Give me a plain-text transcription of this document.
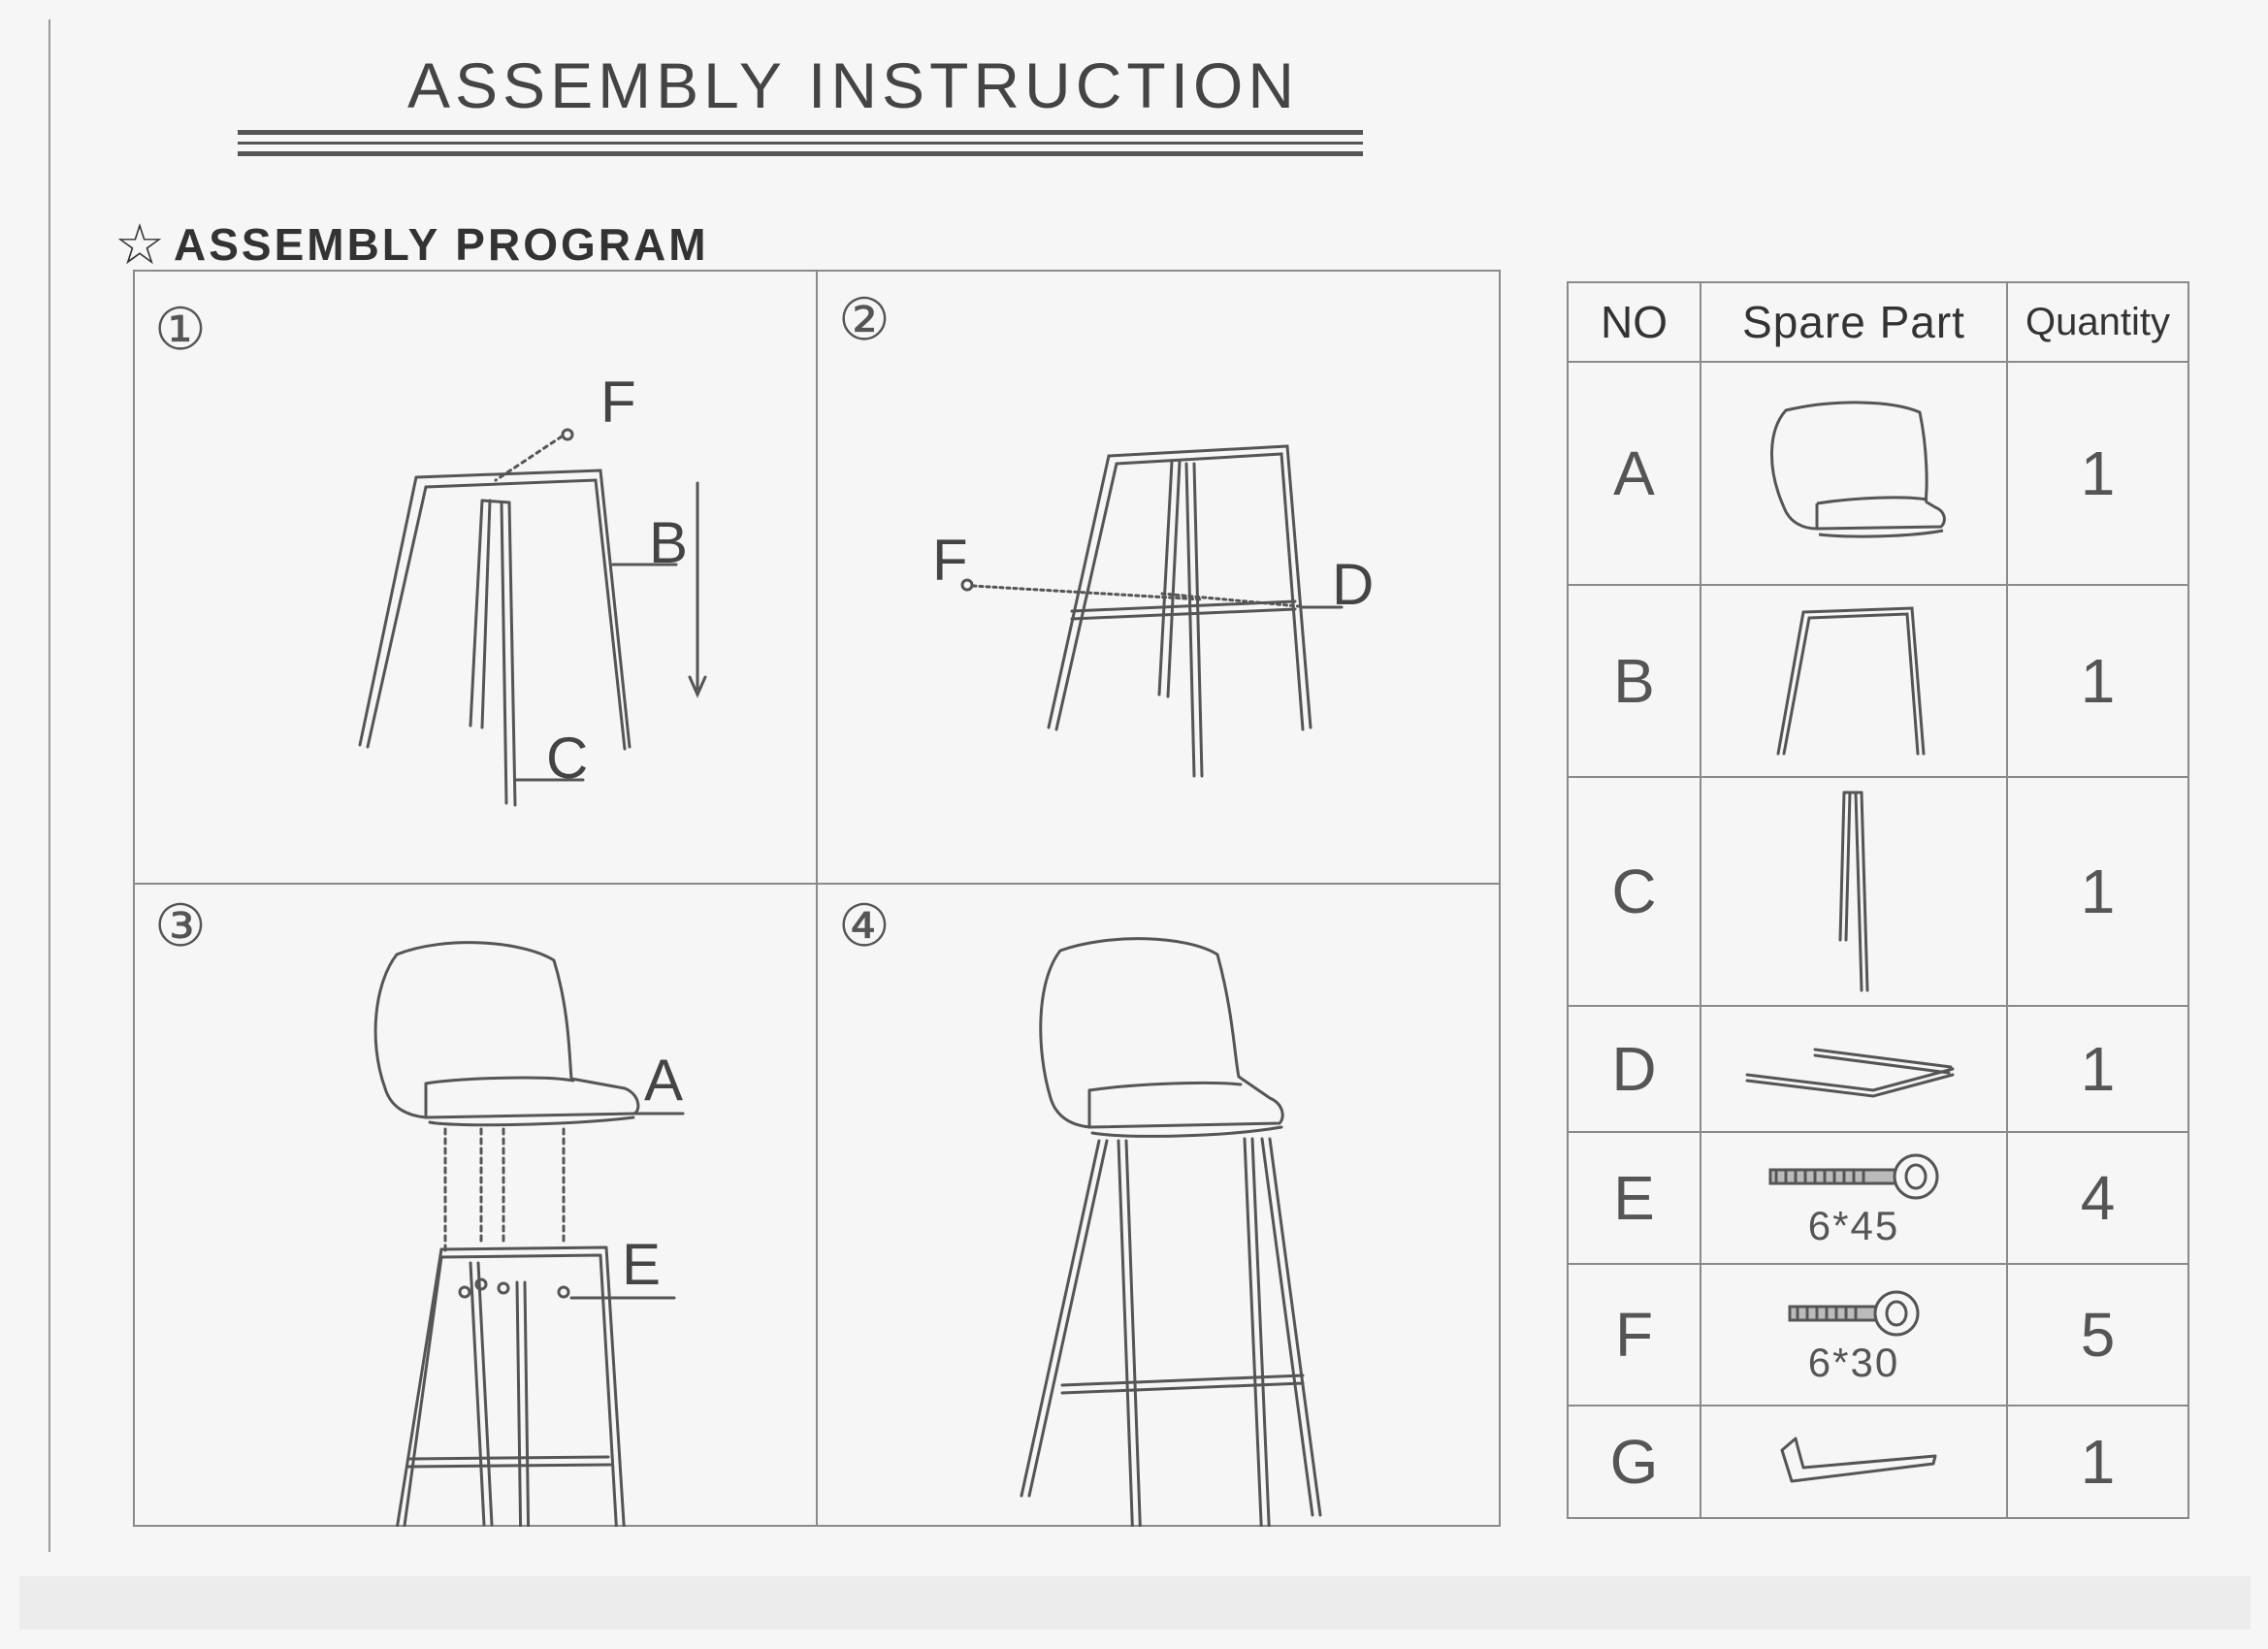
ASSEMBLY INSTRUCTION
☆ ASSEMBLY PROGRAM
①
F
B
C
②
F	D
③
A
E
④
NO	Spare Part	Quantity
A		1
B		1
C		1
D		1
E	6*45	4
F	6*30	5
G		1
